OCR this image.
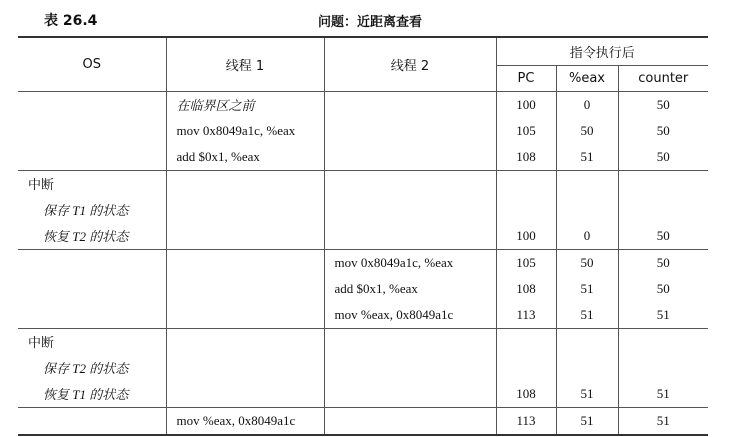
表 26.4	问题：近距离查看
OS	线程 1	线程 2	指令执行后		
			PC	%eax	counter
	在临界区之前		100	0	50
	mov 0x8049a1c, %eax		105	50	50
	add $0x1, %eax		108	51	50
中断					
保存 T1 的状态					
恢复 T2 的状态			100	0	50
		mov 0x8049a1c, %eax	105	50	50
		add $0x1, %eax	108	51	50
		mov %eax, 0x8049a1c	113	51	51
中断					
保存 T2 的状态					
恢复 T1 的状态			108	51	51
	mov %eax, 0x8049a1c		113	51	51
